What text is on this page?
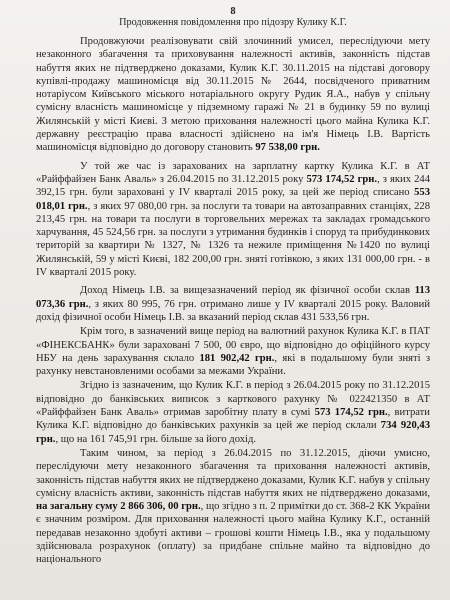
8
Продовження повідомлення про підозру Кулику К.Г.

Продовжуючи реалізовувати свій злочинний умисел, переслідуючи мету незаконного збагачення та приховування належності активів, законність підстав набуття яких не підтверджено доказами, Кулик К.Г. 30.11.2015 на підставі договору купівлі-продажу машиномісця від 30.11.2015 № 2644, посвідченого приватним нотаріусом Київського міського нотаріального округу Рудик Я.А., набув у спільну сумісну власність машиномісце у підземному гаражі № 21 в будинку 59 по вулиці Жилянській у місті Києві. З метою приховання належності цього майна Кулика К.Г. державну реєстрацію права власності здійснено на ім'я Німець І.В. Вартість машиномісця відповідно до договору становить 97 538,00 грн.

У той же час із зарахованих на зарплатну картку Кулика К.Г. в АТ «Райффайзен Банк Аваль» з 26.04.2015 по 31.12.2015 року 573 174,52 грн., з яких 244 392,15 грн. були зараховані у IV кварталі 2015 року, за цей же період списано 553 018,01 грн., з яких 97 080,00 грн. за послуги та товари на автозаправних станціях, 228 213,45 грн. на товари та послуги в торговельних мережах та закладах громадського харчування, 45 524,56 грн. за послуги з утримання будинків і споруд та прибудинкових територій за квартири № 1327, № 1326 та нежиле приміщення №1420 по вулиці Жилянській, 59 у місті Києві, 182 200,00 грн. зняті готівкою, з яких 131 000,00 грн. - в IV кварталі 2015 року.

Доход Німець І.В. за вищезазначений період як фізичної особи склав 113 073,36 грн., з яких 80 995, 76 грн. отримано лише у IV кварталі 2015 року. Валовий дохід фізичної особи Німець І.В. за вказаний період склав 431 533,56 грн.

Крім того, в зазначений вище період на валютний рахунок Кулика К.Г. в ПАТ «ФІНЕКСБАНК» були зараховані 7 500, 00 євро, що відповідно до офіційного курсу НБУ на день зарахування склало 181 902,42 грн., які в подальшому були зняті з рахунку невстановленими особами за межами України.

Згідно із зазначеним, що Кулик К.Г. в період з 26.04.2015 року по 31.12.2015 відповідно до банківських виписок з карткового рахунку № 022421350 в АТ «Райффайзен Банк Аваль» отримав заробітну плату в сумі 573 174,52 грн., витрати Кулика К.Г. відповідно до банківських рахунків за цей же період склали 734 920,43 грн., що на 161 745,91 грн. більше за його дохід.

Таким чином, за період з 26.04.2015 по 31.12.2015, діючи умисно, переслідуючи мету незаконного збагачення та приховання належності активів, законність підстав набуття яких не підтверджено доказами, Кулик К.Г. набув у спільну сумісну власність активи, законність підстав набуття яких не підтверджено доказами, на загальну суму 2 866 306, 00 грн., що згідно з п. 2 примітки до ст. 368-2 КК України є значним розміром. Для приховання належності цього майна Кулику К.Г., останній передавав незаконно здобуті активи – грошові кошти Німець І.В., яка у подальшому здійснювала розрахунок (оплату) за придбане спільне майно та відповідно до національного
